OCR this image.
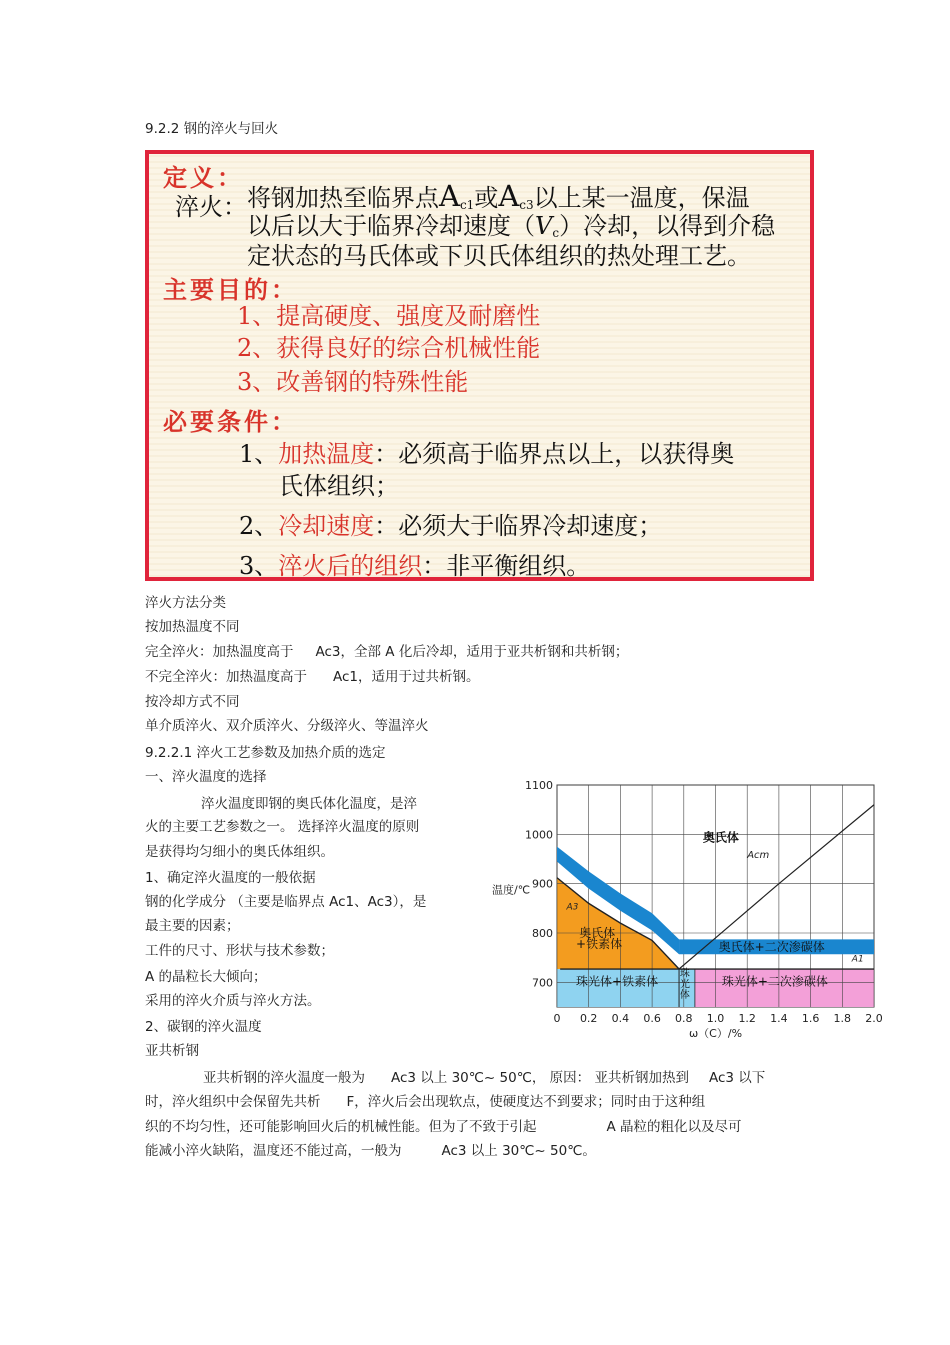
9.2.2 钢的淬火与回火
定义：
淬火： 将钢加热至临界点$A_{c1}$或$A_{c3}$以上某一温度，保温
以后以大于临界冷却速度$(V_c)$冷却，以得到介稳
定状态的马氏体或下贝氏体组织的热处理工艺。
主要目的：
1、提高硬度、强度及耐磨性
2、获得良好的综合机械性能
3、改善钢的特殊性能
必要条件：
1、加热温度：必须高于临界点以上，以获得奥
氏体组织；
2、冷却速度：必须大于临界冷却速度；
3、淬火后的组织：非平衡组织。
淬火方法分类
按加热温度不同
完全淬火：加热温度高于 Ac3，全部 A 化后冷却，适用于亚共析钢和共析钢；
不完全淬火：加热温度高于 Ac1，适用于过共析钢。
按冷却方式不同
单介质淬火、双介质淬火、分级淬火、等温淬火
9.2.2.1 淬火工艺参数及加热介质的选定
一、淬火温度的选择
淬火温度即钢的奥氏体化温度，是淬
火的主要工艺参数之一。 选择淬火温度的原则
是获得均匀细小的奥氏体组织。
1、确定淬火温度的一般依据
钢的化学成分 （主要是临界点 Ac1、Ac3），是
最主要的因素；
工件的尺寸、形状与技术参数；
A 的晶粒长大倾向；
采用的淬火介质与淬火方法。
2、碳钢的淬火温度
亚共析钢
亚共析钢的淬火温度一般为 Ac3 以上 30℃~ 50℃， 原因： 亚共析钢加热到 Ac3 以下
时，淬火组织中会保留先共析 F，淬火后会出现软点，使硬度达不到要求；同时由于这种组
织的不均匀性，还可能影响回火后的机械性能。但为了不致于引起	A 晶粒的粗化以及尽可
能减小淬火缺陷，温度还不能过高，一般为	Ac3 以上 30℃~ 50℃。
0 0.2 0.4 0.6 0.8 1.0 1.2 1.4 1.6 1.8 2.0
700
800
900
1000
1100
奥氏体
奥氏体
+铁素体	奥氏体+二次渗碳体
珠光体+铁素体
珠
光
体
珠光体+二次渗碳体
Acm
A3
A1
温度/℃
ω（C）/%
